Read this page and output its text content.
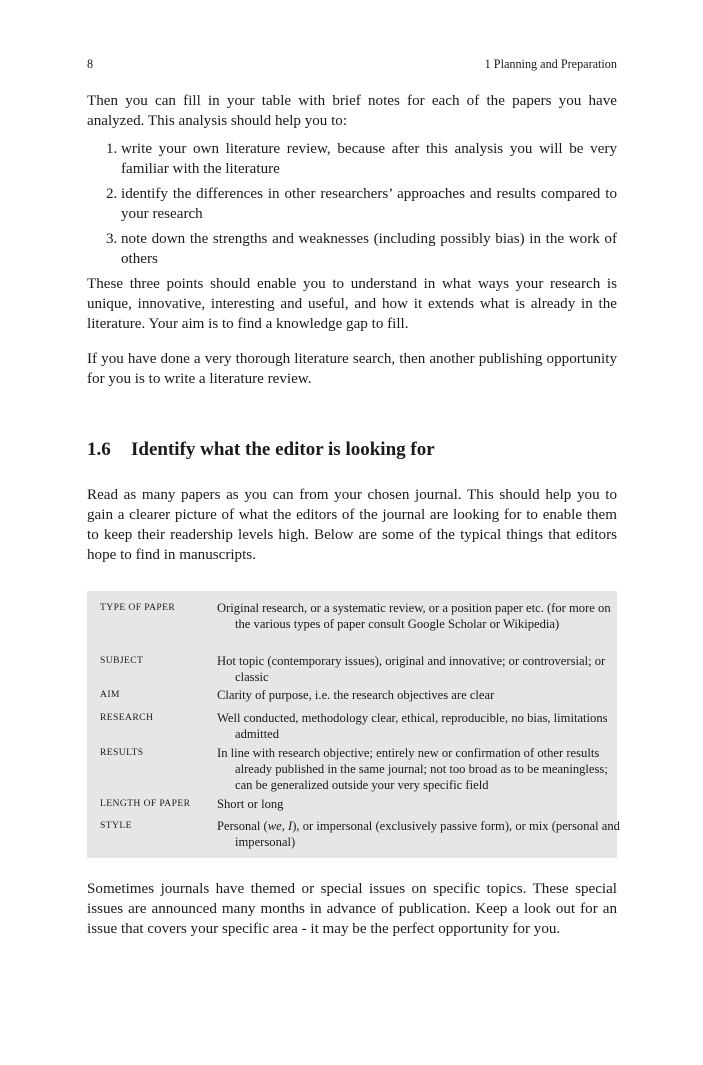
8	1 Planning and Preparation

Then you can fill in your table with brief notes for each of the papers you have analyzed. This analysis should help you to:

1. write your own literature review, because after this analysis you will be very familiar with the literature
2. identify the differences in other researchers’ approaches and results compared to your research
3. note down the strengths and weaknesses (including possibly bias) in the work of others

These three points should enable you to understand in what ways your research is unique, innovative, interesting and useful, and how it extends what is already in the literature. Your aim is to find a knowledge gap to fill.

If you have done a very thorough literature search, then another publishing opportunity for you is to write a literature review.

1.6 Identify what the editor is looking for

Read as many papers as you can from your chosen journal. This should help you to gain a clearer picture of what the editors of the journal are looking for to enable them to keep their readership levels high. Below are some of the typical things that editors hope to find in manuscripts.

TYPE OF PAPER	Original research, or a systematic review, or a position paper etc. (for more on the various types of paper consult Google Scholar or Wikipedia)
SUBJECT	Hot topic (contemporary issues), original and innovative; or controversial; or classic
AIM	Clarity of purpose, i.e. the research objectives are clear
RESEARCH	Well conducted, methodology clear, ethical, reproducible, no bias, limitations admitted
RESULTS	In line with research objective; entirely new or confirmation of other results already published in the same journal; not too broad as to be meaningless; can be generalized outside your very specific field
LENGTH OF PAPER Short or long
STYLE	Personal (we, I), or impersonal (exclusively passive form), or mix (personal and impersonal)

Sometimes journals have themed or special issues on specific topics. These special issues are announced many months in advance of publication. Keep a look out for an issue that covers your specific area - it may be the perfect opportunity for you.
